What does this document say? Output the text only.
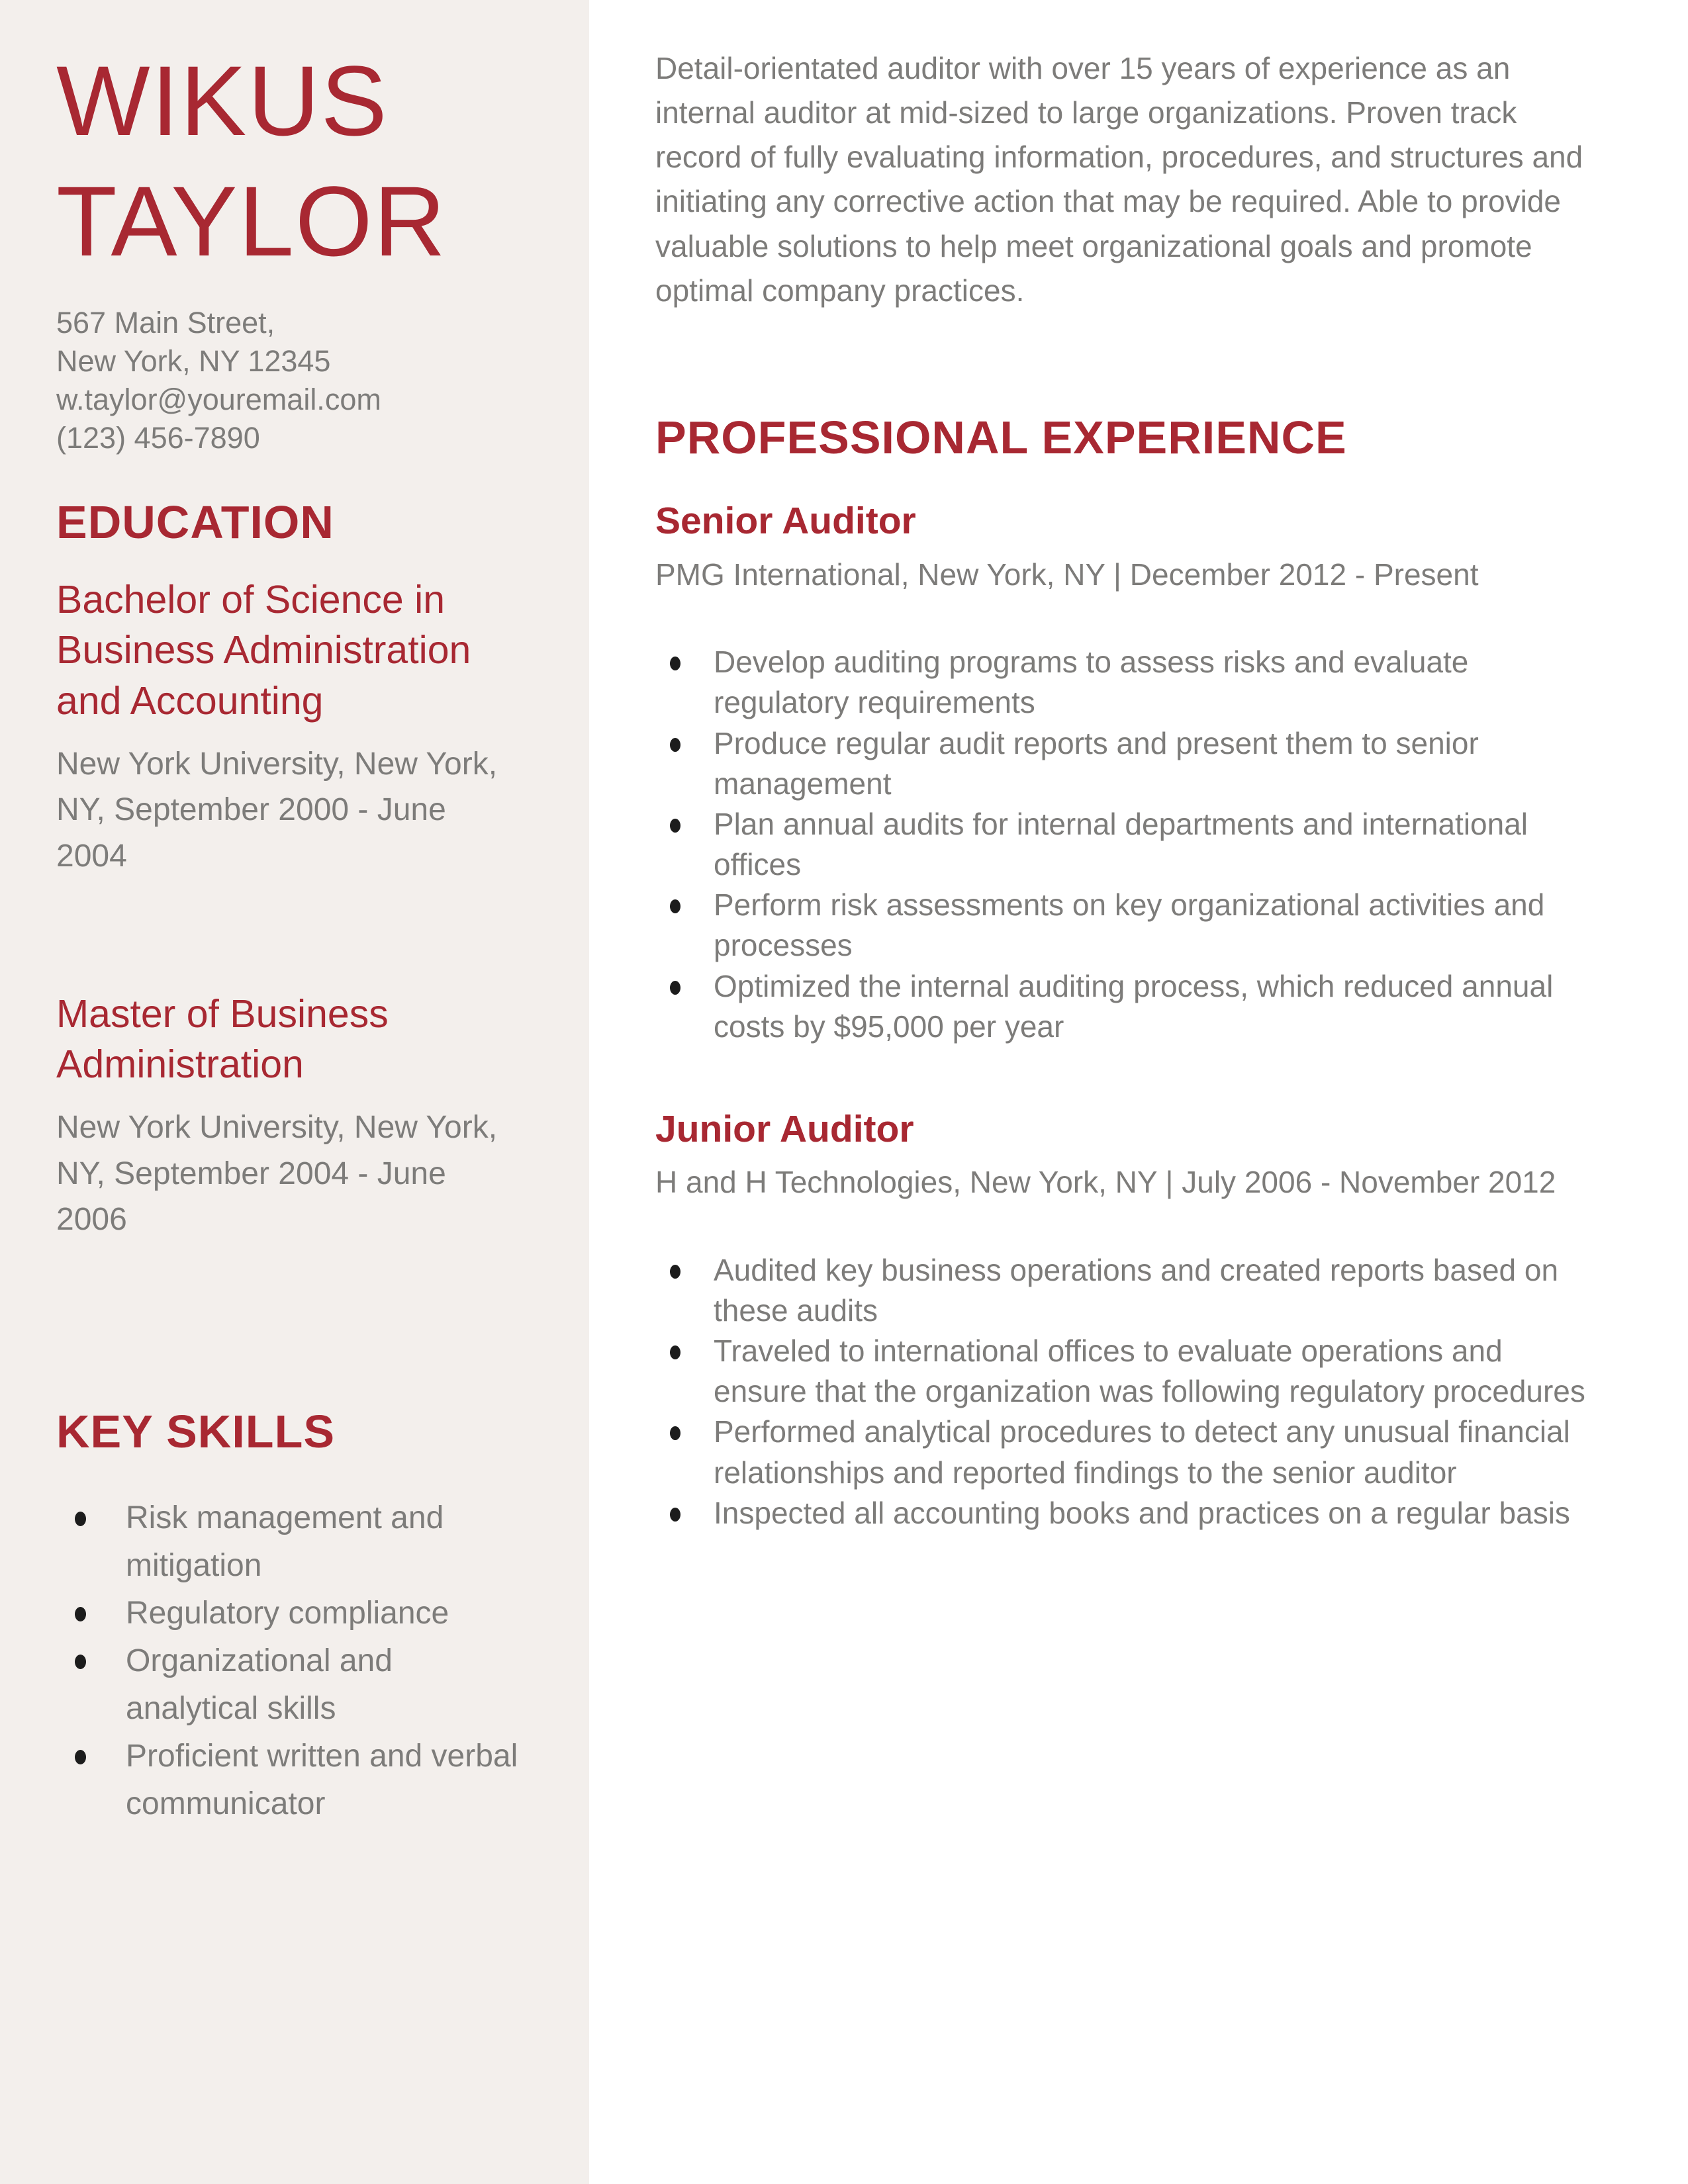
WIKUS
TAYLOR
567 Main Street,
New York, NY 12345
w.taylor@youremail.com
(123) 456-7890
EDUCATION
Bachelor of Science in Business Administration and Accounting

New York University, New York, NY, September 2000 - June 2004

Master of Business Administration

New York University, New York, NY, September 2004 - June 2006

KEY SKILLS
Risk management and mitigation
Regulatory compliance
Organizational and analytical skills
Proficient written and verbal communicator

Detail-orientated auditor with over 15 years of experience as an internal auditor at mid-sized to large organizations. Proven track record of fully evaluating information, procedures, and structures and initiating any corrective action that may be required. Able to provide valuable solutions to help meet organizational goals and promote optimal company practices.

PROFESSIONAL EXPERIENCE
Senior Auditor

PMG International, New York, NY | December 2012 - Present

Develop auditing programs to assess risks and evaluate regulatory requirements
Produce regular audit reports and present them to senior management
Plan annual audits for internal departments and international offices
Perform risk assessments on key organizational activities and processes
Optimized the internal auditing process, which reduced annual costs by $95,000 per year
Junior Auditor

H and H Technologies, New York, NY | July 2006 - November 2012

Audited key business operations and created reports based on these audits
Traveled to international offices to evaluate operations and ensure that the organization was following regulatory procedures
Performed analytical procedures to detect any unusual financial relationships and reported findings to the senior auditor
Inspected all accounting books and practices on a regular basis
